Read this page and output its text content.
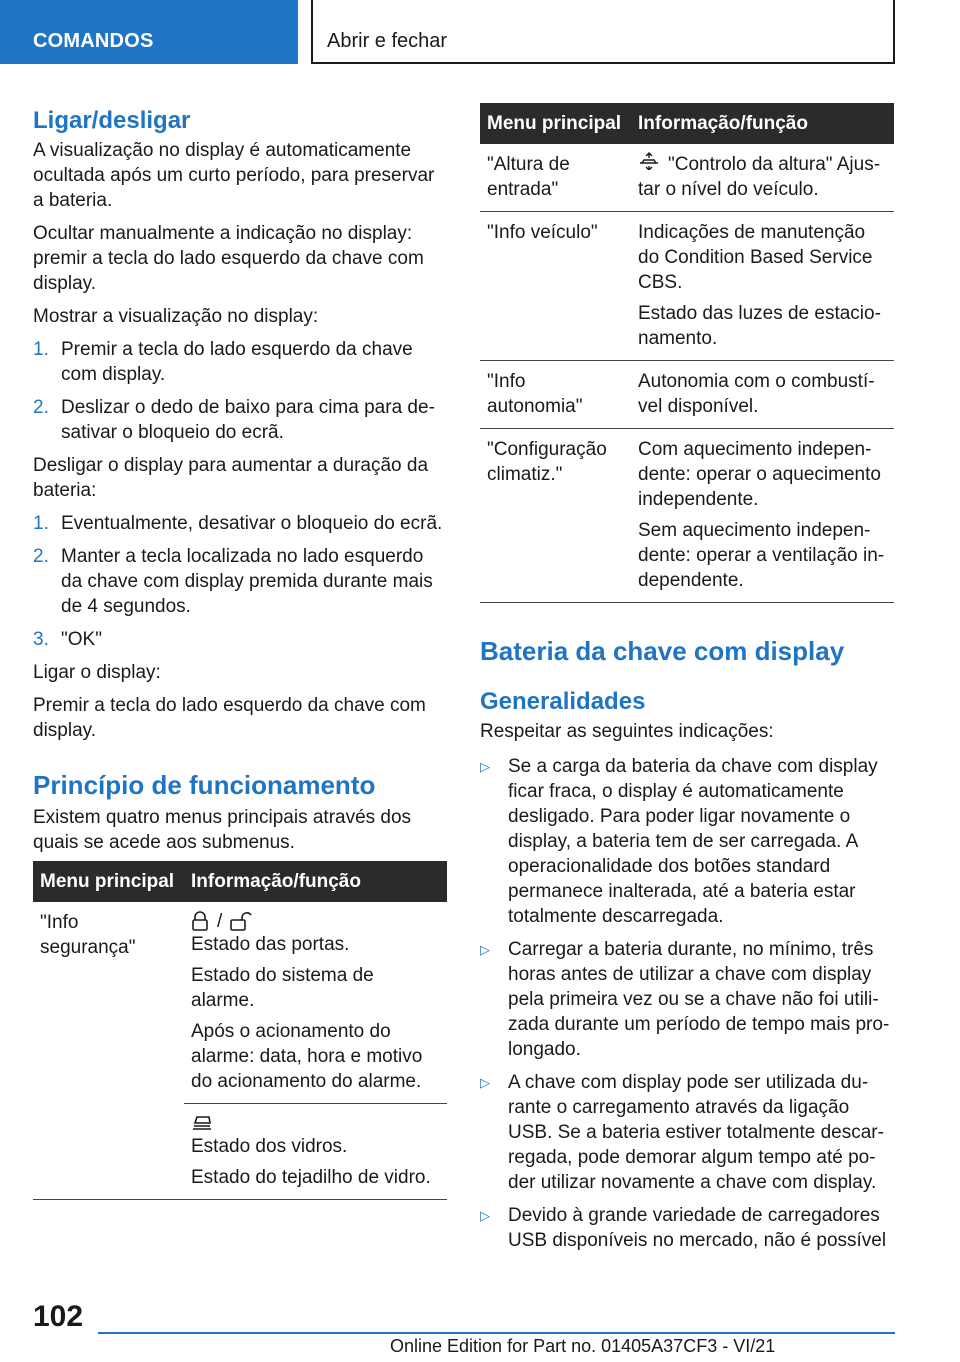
COMANDOS	Abrir e fechar
Ligar/desligar

A visualização no display é automaticamente ocultada após um curto período, para preservar a bateria.

Ocultar manualmente a indicação no display: premir a tecla do lado esquerdo da chave com display.

Mostrar a visualização no display:

1. Premir a tecla do lado esquerdo da chave com display.
2. Deslizar o dedo de baixo para cima para desativar o bloqueio do ecrã.

Desligar o display para aumentar a duração da bateria:

1. Eventualmente, desativar o bloqueio do ecrã.
2. Manter a tecla localizada no lado esquerdo da chave com display premida durante mais de 4 segundos.
3. "OK"

Ligar o display:

Premir a tecla do lado esquerdo da chave com display.

Princípio de funcionamento

Existem quatro menus principais através dos quais se acede aos submenus.

Menu principal	Informação/função
"Info segurança"	/

Estado das portas.

Estado do sistema de alarme.

Após o acionamento do alarme: data, hora e motivo do acionamento do alarme.

	Estado dos vidros.

Estado do tejadilho de vidro.

Menu principal	Informação/função
"Altura de entrada"	"Controlo da altura" Ajustar o nível do veículo.

"Info veículo"	Indicações de manutenção do Condition Based Service CBS.

Estado das luzes de estacionamento.

"Info autonomia"	Autonomia com o combustível disponível.

"Configuração climatiz."	Com aquecimento independente: operar o aquecimento independente.

Sem aquecimento independente: operar a ventilação independente.

Bateria da chave com display
Generalidades

Respeitar as seguintes indicações:

▷ Se a carga da bateria da chave com display ficar fraca, o display é automaticamente desligado. Para poder ligar novamente o display, a bateria tem de ser carregada. A operacionalidade dos botões standard permanece inalterada, até a bateria estar totalmente descarregada.
▷ Carregar a bateria durante, no mínimo, três horas antes de utilizar a chave com display pela primeira vez ou se a chave não foi utilizada durante um período de tempo mais prolongado.
▷ A chave com display pode ser utilizada durante o carregamento através da ligação USB. Se a bateria estiver totalmente descarregada, pode demorar algum tempo até poder utilizar novamente a chave com display.
▷ Devido à grande variedade de carregadores USB disponíveis no mercado, não é possível
102
Online Edition for Part no. 01405A37CF3 - VI/21
